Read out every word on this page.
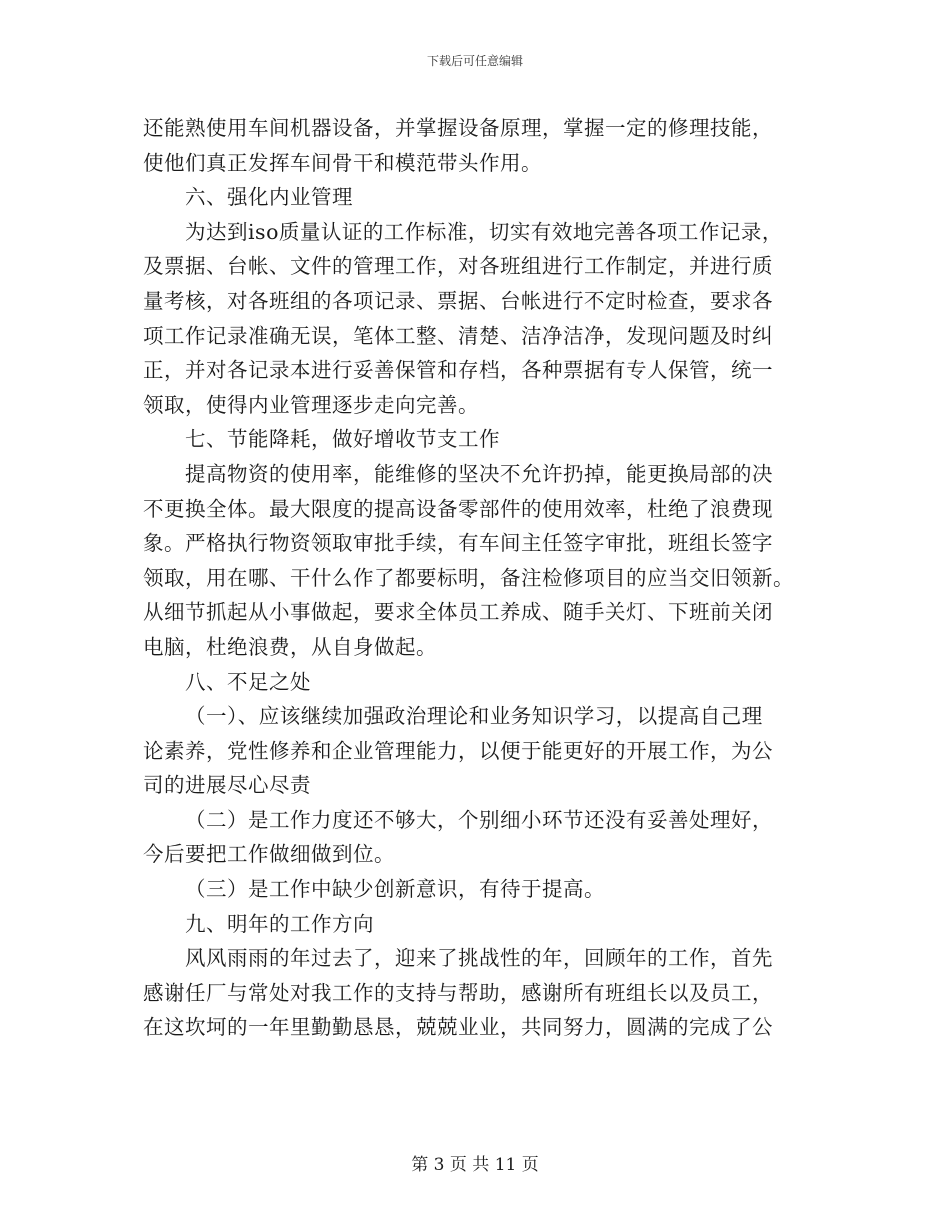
下载后可任意编辑
还能熟使用车间机器设备，并掌握设备原理，掌握一定的修理技能，
使他们真正发挥车间骨干和模范带头作用。
六、强化内业管理
为达到iso质量认证的工作标准，切实有效地完善各项工作记录，
及票据、台帐、文件的管理工作，对各班组进行工作制定，并进行质
量考核，对各班组的各项记录、票据、台帐进行不定时检查，要求各
项工作记录准确无误，笔体工整、清楚、洁净洁净，发现问题及时纠
正，并对各记录本进行妥善保管和存档，各种票据有专人保管，统一
领取，使得内业管理逐步走向完善。
七、节能降耗，做好增收节支工作
提高物资的使用率，能维修的坚决不允许扔掉，能更换局部的决
不更换全体。最大限度的提高设备零部件的使用效率，杜绝了浪费现
象。严格执行物资领取审批手续，有车间主任签字审批，班组长签字
领取，用在哪、干什么作了都要标明，备注检修项目的应当交旧领新。
从细节抓起从小事做起，要求全体员工养成、随手关灯、下班前关闭
电脑，杜绝浪费，从自身做起。
八、不足之处
（一）、应该继续加强政治理论和业务知识学习，以提高自己理
论素养，党性修养和企业管理能力，以便于能更好的开展工作，为公
司的进展尽心尽责
（二）是工作力度还不够大，个别细小环节还没有妥善处理好，
今后要把工作做细做到位。
（三）是工作中缺少创新意识，有待于提高。
九、明年的工作方向
风风雨雨的年过去了，迎来了挑战性的年，回顾年的工作，首先
感谢任厂与常处对我工作的支持与帮助，感谢所有班组长以及员工，
在这坎坷的一年里勤勤恳恳，兢兢业业，共同努力，圆满的完成了公
第 3 页 共 11 页
